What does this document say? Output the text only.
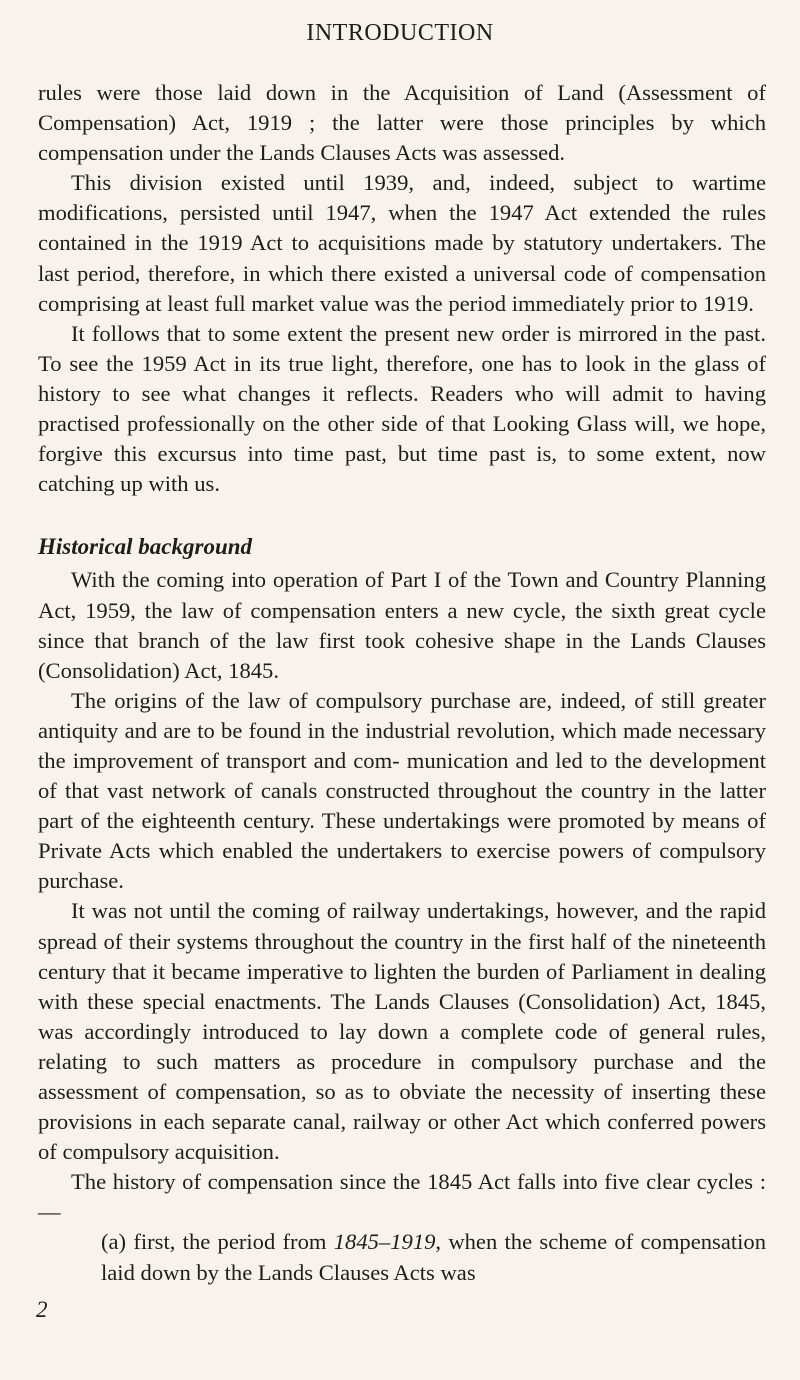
INTRODUCTION

rules were those laid down in the Acquisition of Land (Assessment of Compensation) Act, 1919 ; the latter were those principles by which compensation under the Lands Clauses Acts was assessed.

This division existed until 1939, and, indeed, subject to wartime modifications, persisted until 1947, when the 1947 Act extended the rules contained in the 1919 Act to acquisitions made by statutory undertakers. The last period, therefore, in which there existed a universal code of compensation comprising at least full market value was the period immediately prior to 1919.

It follows that to some extent the present new order is mirrored in the past. To see the 1959 Act in its true light, therefore, one has to look in the glass of history to see what changes it reflects. Readers who will admit to having practised professionally on the other side of that Looking Glass will, we hope, forgive this excursus into time past, but time past is, to some extent, now catching up with us.

Historical background

With the coming into operation of Part I of the Town and Country Planning Act, 1959, the law of compensation enters a new cycle, the sixth great cycle since that branch of the law first took cohesive shape in the Lands Clauses (Consolidation) Act, 1845.

The origins of the law of compulsory purchase are, indeed, of still greater antiquity and are to be found in the industrial revolution, which made necessary the improvement of transport and com- munication and led to the development of that vast network of canals constructed throughout the country in the latter part of the eighteenth century. These undertakings were promoted by means of Private Acts which enabled the undertakers to exercise powers of compulsory purchase.

It was not until the coming of railway undertakings, however, and the rapid spread of their systems throughout the country in the first half of the nineteenth century that it became imperative to lighten the burden of Parliament in dealing with these special enactments. The Lands Clauses (Consolidation) Act, 1845, was accordingly introduced to lay down a complete code of general rules, relating to such matters as procedure in compulsory purchase and the assessment of compensation, so as to obviate the necessity of inserting these provisions in each separate canal, railway or other Act which conferred powers of compulsory acquisition.

The history of compensation since the 1845 Act falls into five clear cycles :—

(a) first, the period from 1845–1919, when the scheme of compensation laid down by the Lands Clauses Acts was

2
